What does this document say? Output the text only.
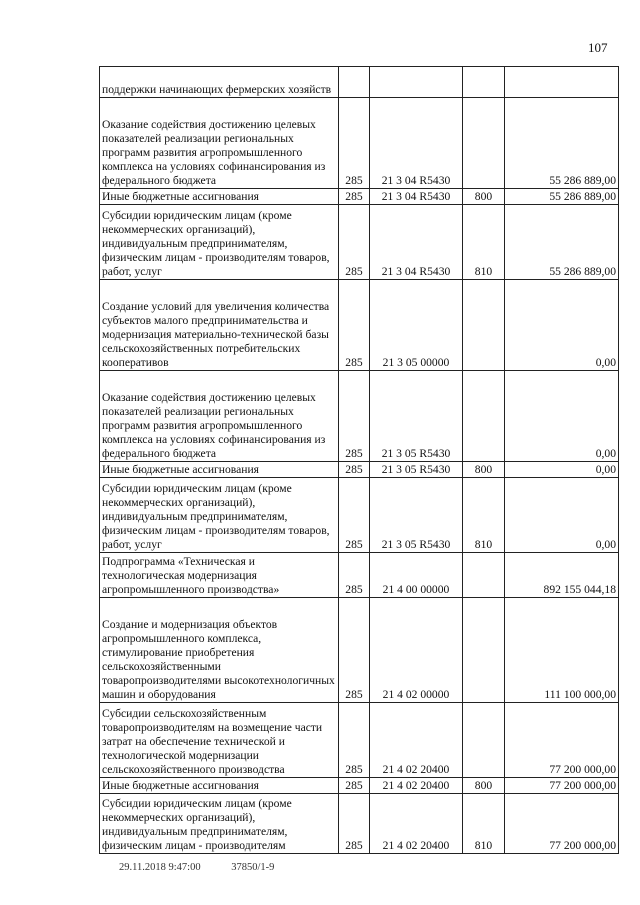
107
поддержки начинающих фермерских хозяйств				
Оказание содействия достижению целевых показателей реализации региональных программ развития агропромышленного комплекса на условиях софинансирования из федерального бюджета	285	21 3 04 R5430		55 286 889,00
Иные бюджетные ассигнования	285	21 3 04 R5430	800	55 286 889,00
Субсидии юридическим лицам (кроме некоммерческих организаций), индивидуальным предпринимателям, физическим лицам - производителям товаров, работ, услуг	285	21 3 04 R5430	810	55 286 889,00
Создание условий для увеличения количества субъектов малого предпринимательства и модернизация материально-технической базы сельскохозяйственных потребительских кооперативов	285	21 3 05 00000		0,00
Оказание содействия достижению целевых показателей реализации региональных программ развития агропромышленного комплекса на условиях софинансирования из федерального бюджета	285	21 3 05 R5430		0,00
Иные бюджетные ассигнования	285	21 3 05 R5430	800	0,00
Субсидии юридическим лицам (кроме некоммерческих организаций), индивидуальным предпринимателям, физическим лицам - производителям товаров, работ, услуг	285	21 3 05 R5430	810	0,00
Подпрограмма «Техническая и технологическая модернизация агропромышленного производства»	285	21 4 00 00000		892 155 044,18
Создание и модернизация объектов агропромышленного комплекса, стимулирование приобретения сельскохозяйственными товаропроизводителями высокотехнологичных машин и оборудования	285	21 4 02 00000		111 100 000,00
Субсидии сельскохозяйственным товаропроизводителям на возмещение части затрат на обеспечение технической и технологической модернизации сельскохозяйственного производства	285	21 4 02 20400		77 200 000,00
Иные бюджетные ассигнования	285	21 4 02 20400	800	77 200 000,00
Субсидии юридическим лицам (кроме некоммерческих организаций), индивидуальным предпринимателям, физическим лицам - производителям	285	21 4 02 20400	810	77 200 000,00
29.11.2018 9:47:00	37850/1-9
